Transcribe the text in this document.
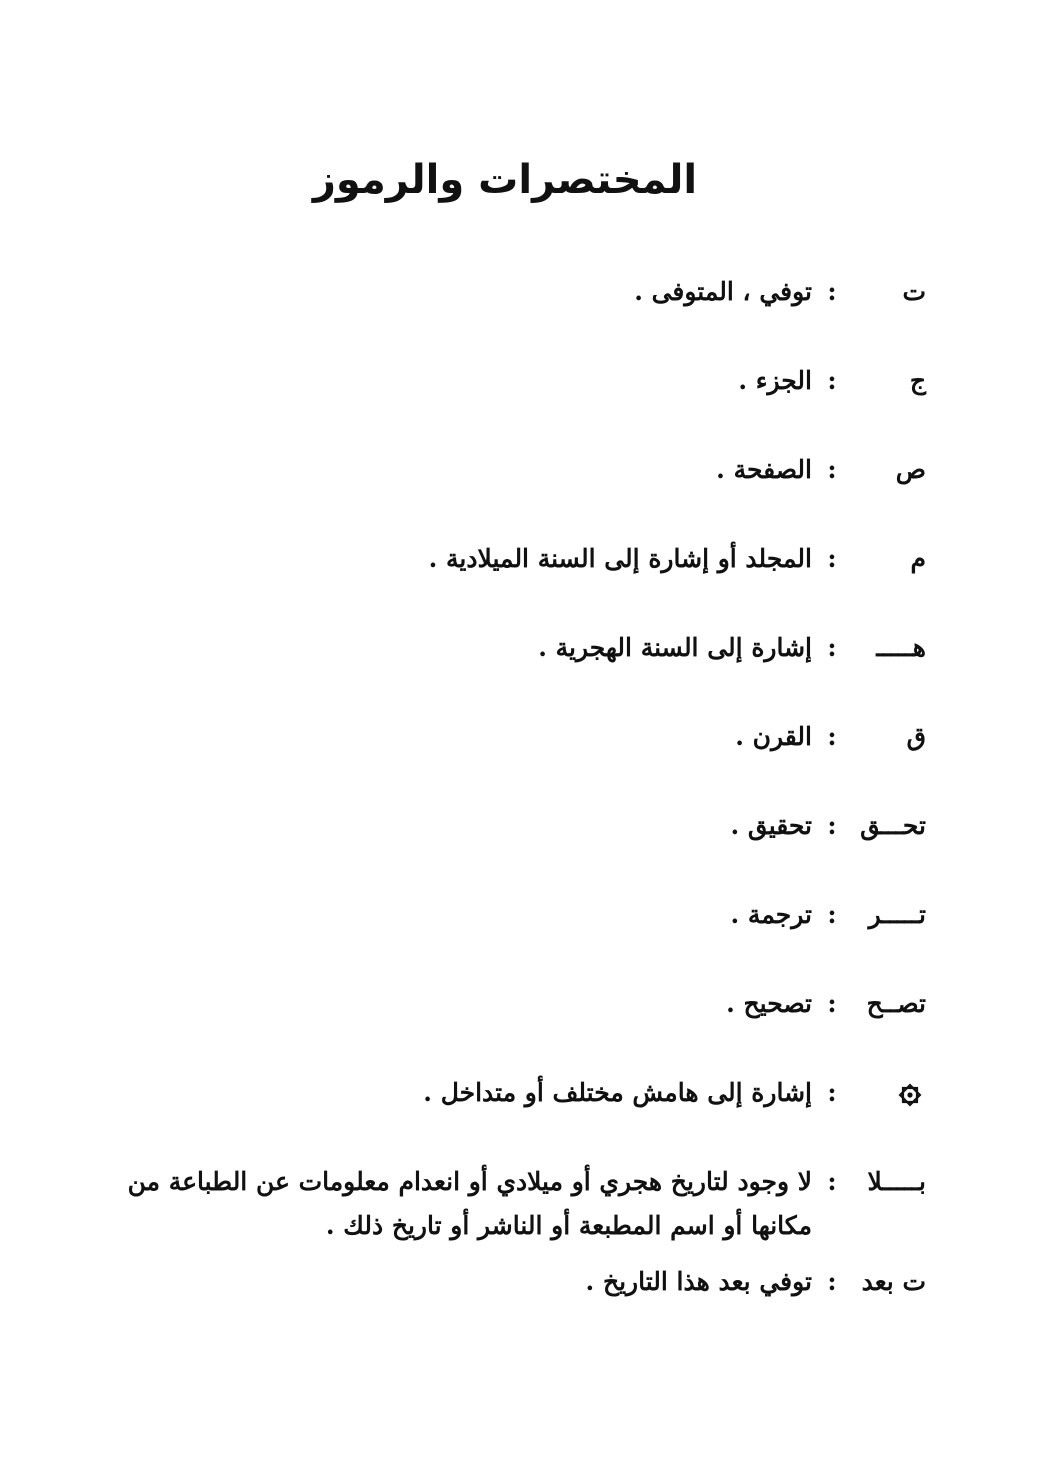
المختصرات والرموز
ت
:
توفي ، المتوفى .
ج
:
الجزء .
ص
:
الصفحة .
م
:
المجلد أو إشارة إلى السنة الميلادية .
هـــــ
:
إشارة إلى السنة الهجرية .
ق
:
القرن .
تحـــق
:
تحقيق .
تـــــر
:
ترجمة .
تصــح
:
تصحيح .
:
إشارة إلى هامش مختلف أو متداخل .
بـــــلا
:
لا وجود لتاريخ هجري أو ميلادي أو انعدام معلومات عن الطباعة من مكانها أو اسم المطبعة أو الناشر أو تاريخ ذلك .
ت بعد
:
توفي بعد هذا التاريخ .
